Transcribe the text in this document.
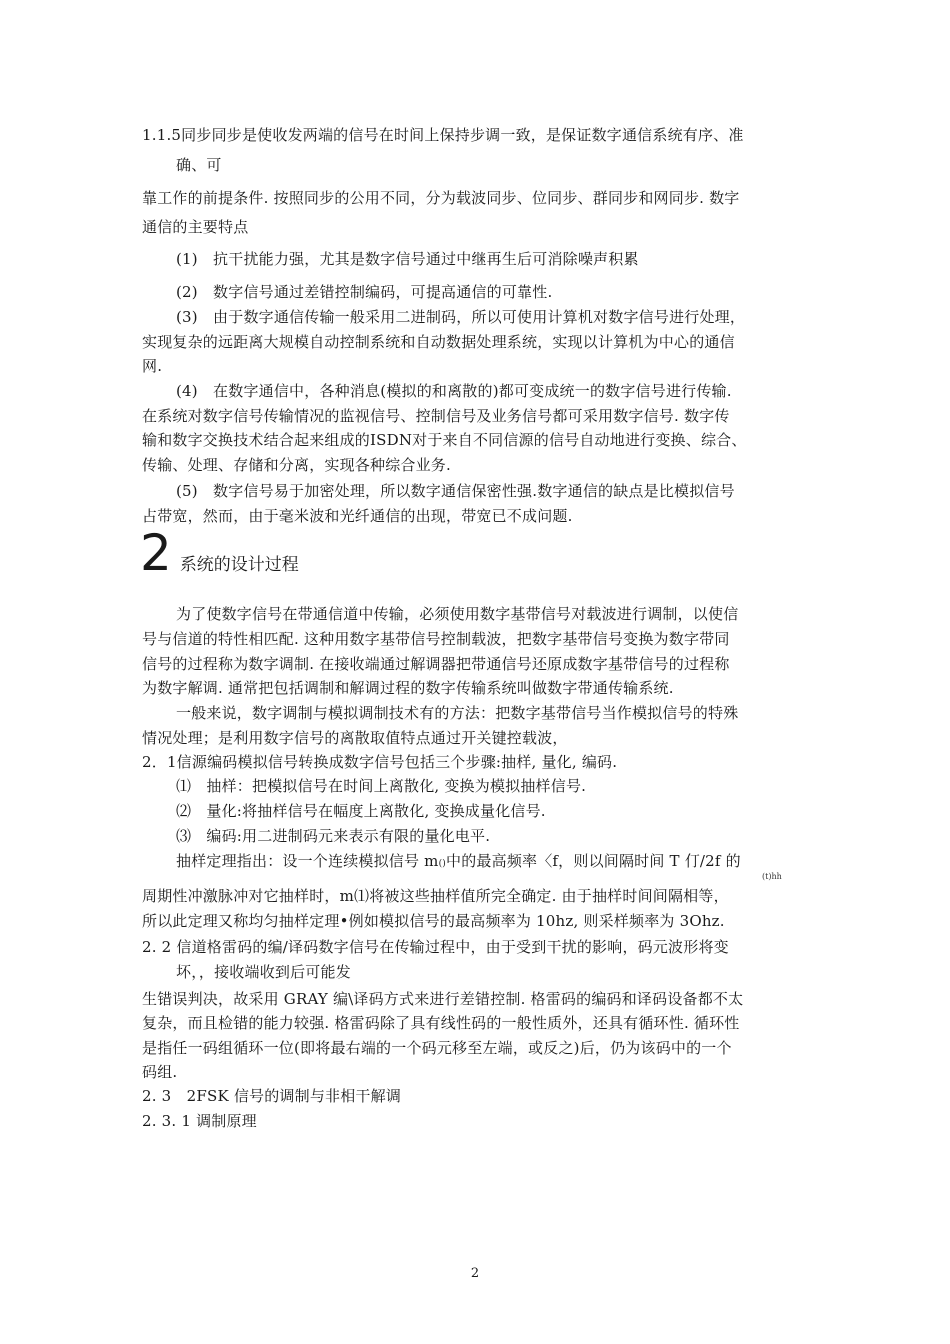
1.1.5同步同步是使收发两端的信号在时间上保持步调一致，是保证数字通信系统有序、准
确、可
靠工作的前提条件. 按照同步的公用不同，分为载波同步、位同步、群同步和网同步. 数字
通信的主要特点
(1)　抗干扰能力强，尤其是数字信号通过中继再生后可消除噪声积累
(2)　数字信号通过差错控制编码，可提高通信的可靠性.
(3)　由于数字通信传输一般采用二进制码，所以可使用计算机对数字信号进行处理，
实现复杂的远距离大规模自动控制系统和自动数据处理系统，实现以计算机为中心的通信
网.
(4)　在数字通信中，各种消息(模拟的和离散的)都可变成统一的数字信号进行传输.
在系统对数字信号传输情况的监视信号、控制信号及业务信号都可采用数字信号. 数字传
输和数字交换技术结合起来组成的ISDN对于来自不同信源的信号自动地进行变换、综合、
传输、处理、存储和分离，实现各种综合业务.
(5)　数字信号易于加密处理，所以数字通信保密性强.数字通信的缺点是比模拟信号
占带宽，然而，由于毫米波和光纤通信的出现，带宽已不成问题.
2 系统的设计过程
为了使数字信号在带通信道中传输，必须使用数字基带信号对载波进行调制，以使信
号与信道的特性相匹配. 这种用数字基带信号控制载波，把数字基带信号变换为数字带同
信号的过程称为数字调制. 在接收端通过解调器把带通信号还原成数字基带信号的过程称
为数字解调. 通常把包括调制和解调过程的数字传输系统叫做数字带通传输系统.
一般来说，数字调制与模拟调制技术有的方法：把数字基带信号当作模拟信号的特殊
情况处理；是利用数字信号的离散取值特点通过开关键控载波，
2．1信源编码模拟信号转换成数字信号包括三个步骤:抽样, 量化, 编码.
⑴　抽样：把模拟信号在时间上离散化, 变换为模拟抽样信号.
⑵　量化:将抽样信号在幅度上离散化, 变换成量化信号.
⑶　编码:用二进制码元来表示有限的量化电平.
抽样定理指出：设一个连续模拟信号 m()中的最高频率〈f，则以间隔时间 T 仃/2f 的
(t)hh
周期性冲激脉冲对它抽样时，m⑴将被这些抽样值所完全确定. 由于抽样时间间隔相等，
所以此定理又称均匀抽样定理•例如模拟信号的最高频率为 10hz, 则采样频率为 3Ohz.
2. 2 信道格雷码的编/译码数字信号在传输过程中，由于受到干扰的影响，码元波形将变
坏，，接收端收到后可能发
生错误判决，故采用 GRAY 编\译码方式来进行差错控制. 格雷码的编码和译码设备都不太
复杂，而且检错的能力较强. 格雷码除了具有线性码的一般性质外，还具有循环性. 循环性
是指任一码组循环一位(即将最右端的一个码元移至左端，或反之)后，仍为该码中的一个
码组.
2. 3　2FSK 信号的调制与非相干解调
2. 3. 1 调制原理
2
